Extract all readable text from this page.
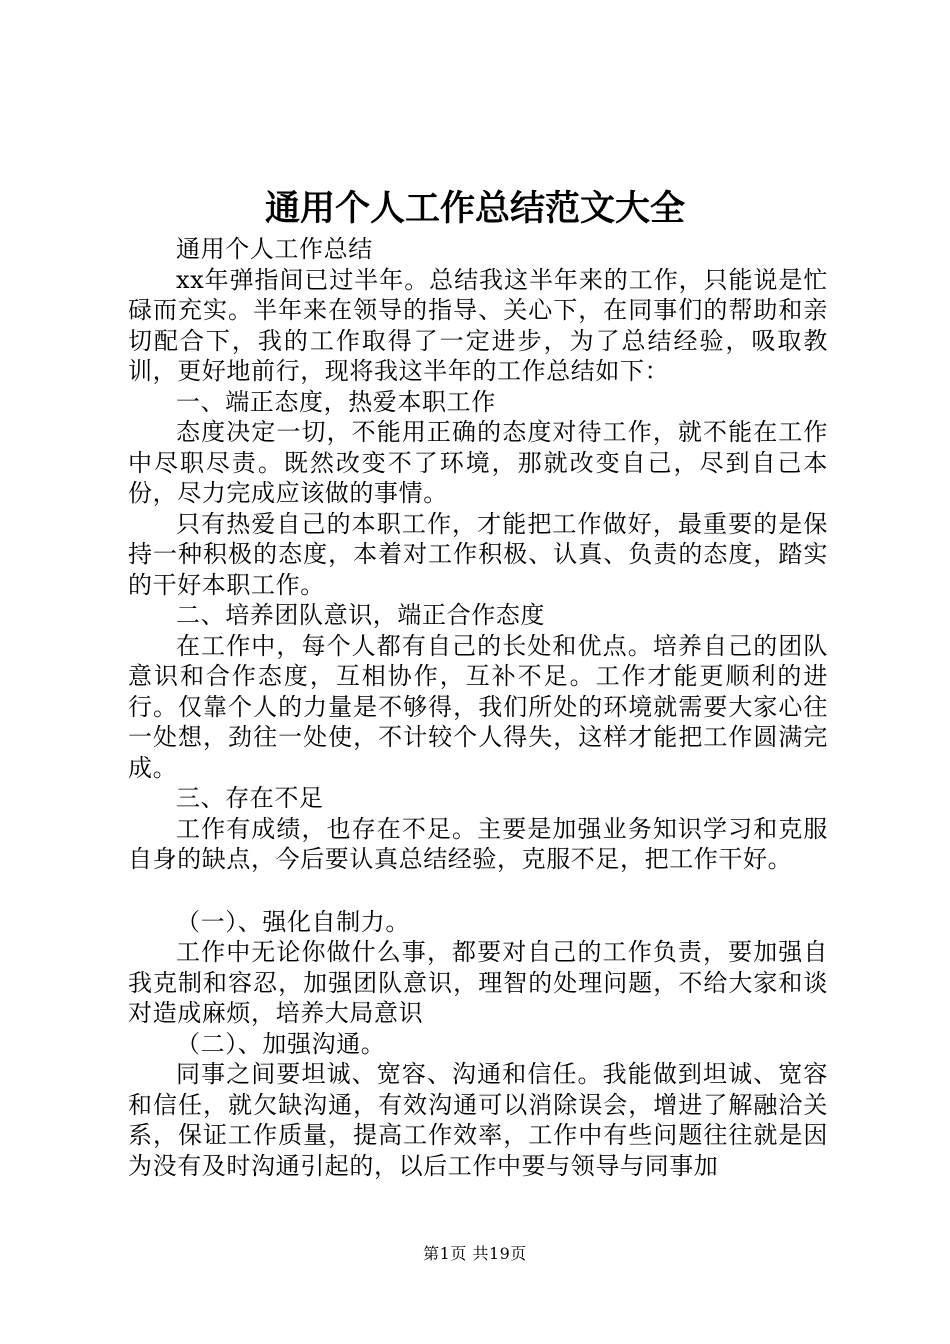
通用个人工作总结范文大全

通用个人工作总结

xx年弹指间已过半年。总结我这半年来的工作，只能说是忙碌而充实。半年来在领导的指导、关心下，在同事们的帮助和亲切配合下，我的工作取得了一定进步，为了总结经验，吸取教训，更好地前行，现将我这半年的工作总结如下：

一、端正态度，热爱本职工作

态度决定一切，不能用正确的态度对待工作，就不能在工作中尽职尽责。既然改变不了环境，那就改变自己，尽到自己本份，尽力完成应该做的事情。

只有热爱自己的本职工作，才能把工作做好，最重要的是保持一种积极的态度，本着对工作积极、认真、负责的态度，踏实的干好本职工作。

二、培养团队意识，端正合作态度

在工作中，每个人都有自己的长处和优点。培养自己的团队意识和合作态度，互相协作，互补不足。工作才能更顺利的进行。仅靠个人的力量是不够得，我们所处的环境就需要大家心往一处想，劲往一处使，不计较个人得失，这样才能把工作圆满完成。

三、存在不足

工作有成绩，也存在不足。主要是加强业务知识学习和克服自身的缺点，今后要认真总结经验，克服不足，把工作干好。

（一）、强化自制力。

工作中无论你做什么事，都要对自己的工作负责，要加强自我克制和容忍，加强团队意识，理智的处理问题，不给大家和谈对造成麻烦，培养大局意识

（二）、加强沟通。

同事之间要坦诚、宽容、沟通和信任。我能做到坦诚、宽容和信任，就欠缺沟通，有效沟通可以消除误会，增进了解融洽关系，保证工作质量，提高工作效率，工作中有些问题往往就是因为没有及时沟通引起的，以后工作中要与领导与同事加

第1页 共19页
